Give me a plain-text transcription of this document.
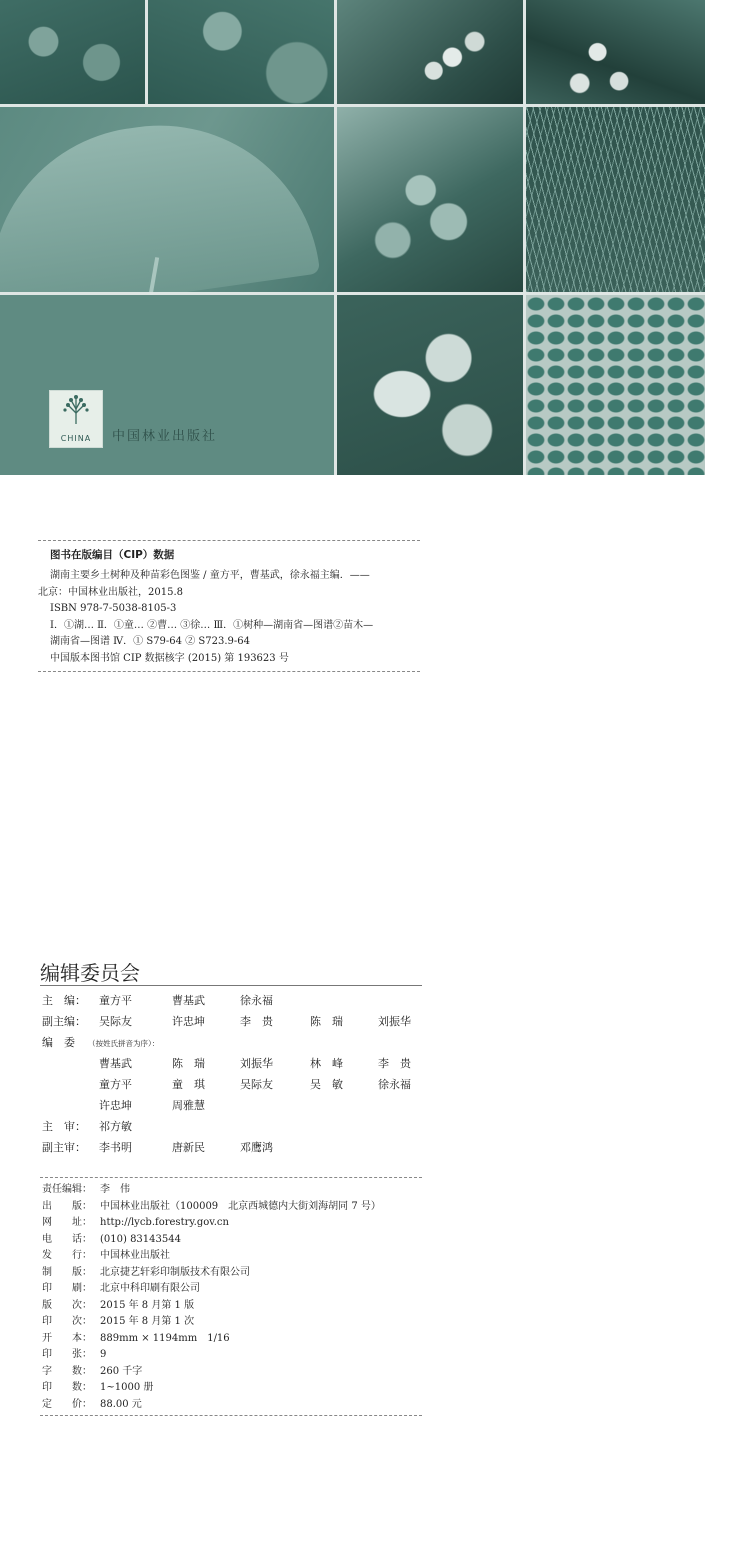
CHINA 中国林业出版社
图书在版编目（CIP）数据
湖南主要乡土树种及种苗彩色图鉴 / 童方平，曹基武，徐永福主编．——
北京：中国林业出版社，2015.8
ISBN 978-7-5038-8105-3
Ⅰ．①湖… Ⅱ．①童… ②曹… ③徐… Ⅲ．①树种—湖南省—图谱②苗木—
湖南省—图谱 Ⅳ．① S79-64 ② S723.9-64
中国版本图书馆 CIP 数据核字 (2015) 第 193623 号
编辑委员会
主　编： 童方平	曹基武	徐永福
副主编： 吴际友	许忠坤	李　贵	陈　瑞	刘振华
编　委 （按姓氏拼音为序）：
曹基武	陈　瑞	刘振华	林　峰	李　贵
童方平	童　琪	吴际友	吴　敏	徐永福
许忠坤	周雅慧
主　审： 祁方敏
副主审： 李书明	唐新民	邓鹰鸿
责任编辑： 李　伟
出　　版： 中国林业出版社（100009　北京西城德内大街刘海胡同 7 号）
网　　址： http://lycb.forestry.gov.cn
电　　话： (010) 83143544
发　　行： 中国林业出版社
制　　版： 北京捷艺轩彩印制版技术有限公司
印　　刷： 北京中科印刷有限公司
版　　次： 2015 年 8 月第 1 版
印　　次： 2015 年 8 月第 1 次
开　　本： 889mm × 1194mm　1/16
印　　张： 9
字　　数： 260 千字
印　　数： 1~1000 册
定　　价： 88.00 元
